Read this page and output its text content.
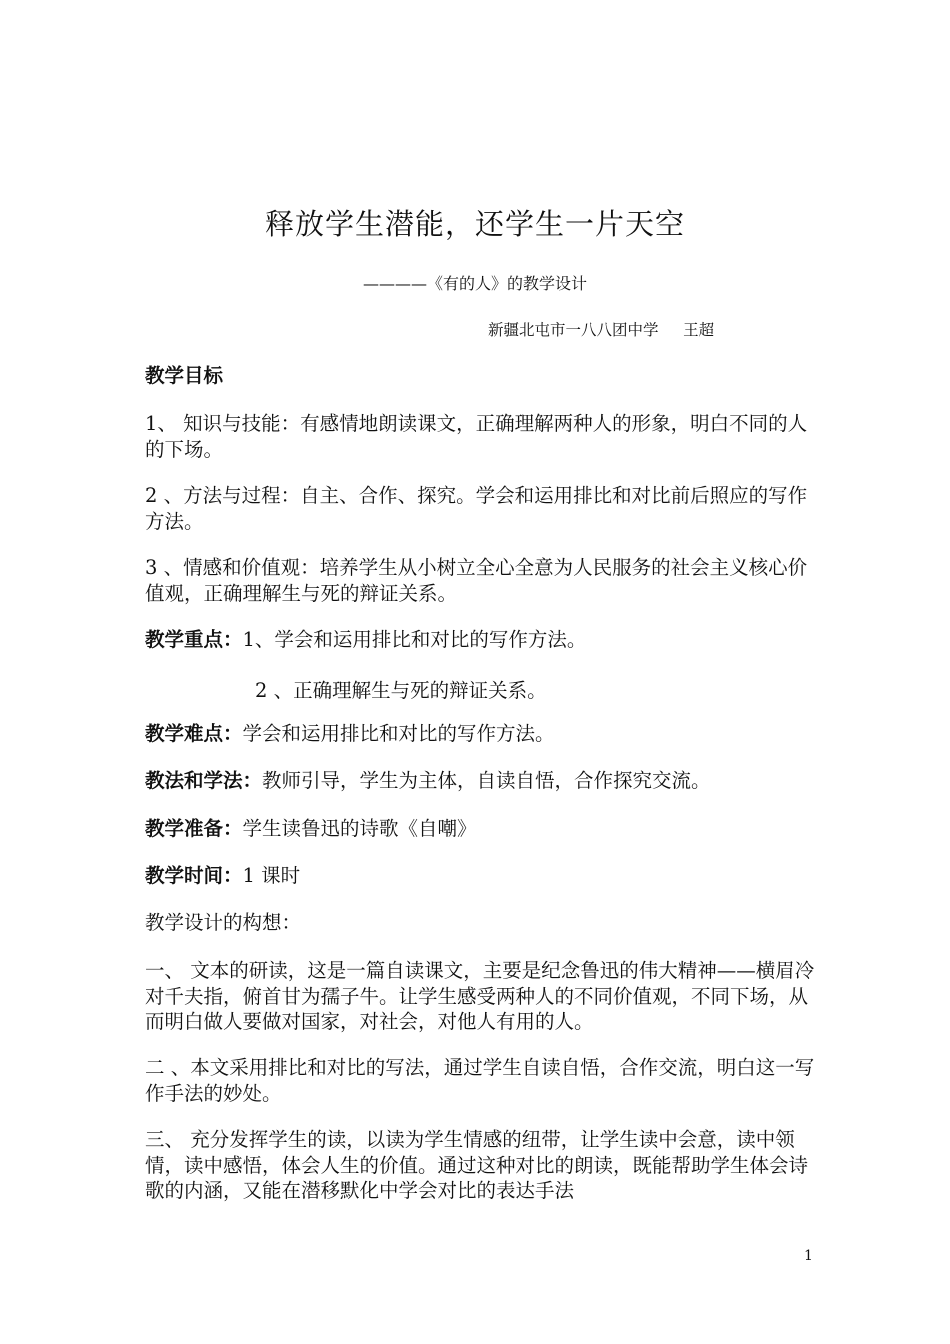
释放学生潜能，还学生一片天空
————《有的人》的教学设计
新疆北屯市一八八团中学     王超
教学目标
1、 知识与技能：有感情地朗读课文，正确理解两种人的形象，明白不同的人的下场。
2 、方法与过程：自主、合作、探究。学会和运用排比和对比前后照应的写作方法。
3 、情感和价值观：培养学生从小树立全心全意为人民服务的社会主义核心价值观，正确理解生与死的辩证关系。
教学重点：1、学会和运用排比和对比的写作方法。
2 、正确理解生与死的辩证关系。
教学难点：学会和运用排比和对比的写作方法。
教法和学法：教师引导，学生为主体，自读自悟，合作探究交流。
教学准备：学生读鲁迅的诗歌《自嘲》
教学时间：1 课时
教学设计的构想：
一、 文本的研读，这是一篇自读课文，主要是纪念鲁迅的伟大精神——横眉冷对千夫指，俯首甘为孺子牛。让学生感受两种人的不同价值观，不同下场，从而明白做人要做对国家，对社会，对他人有用的人。
二 、本文采用排比和对比的写法，通过学生自读自悟，合作交流，明白这一写作手法的妙处。
三、 充分发挥学生的读，以读为学生情感的纽带，让学生读中会意，读中领情，读中感悟，体会人生的价值。通过这种对比的朗读，既能帮助学生体会诗歌的内涵，又能在潜移默化中学会对比的表达手法
1
